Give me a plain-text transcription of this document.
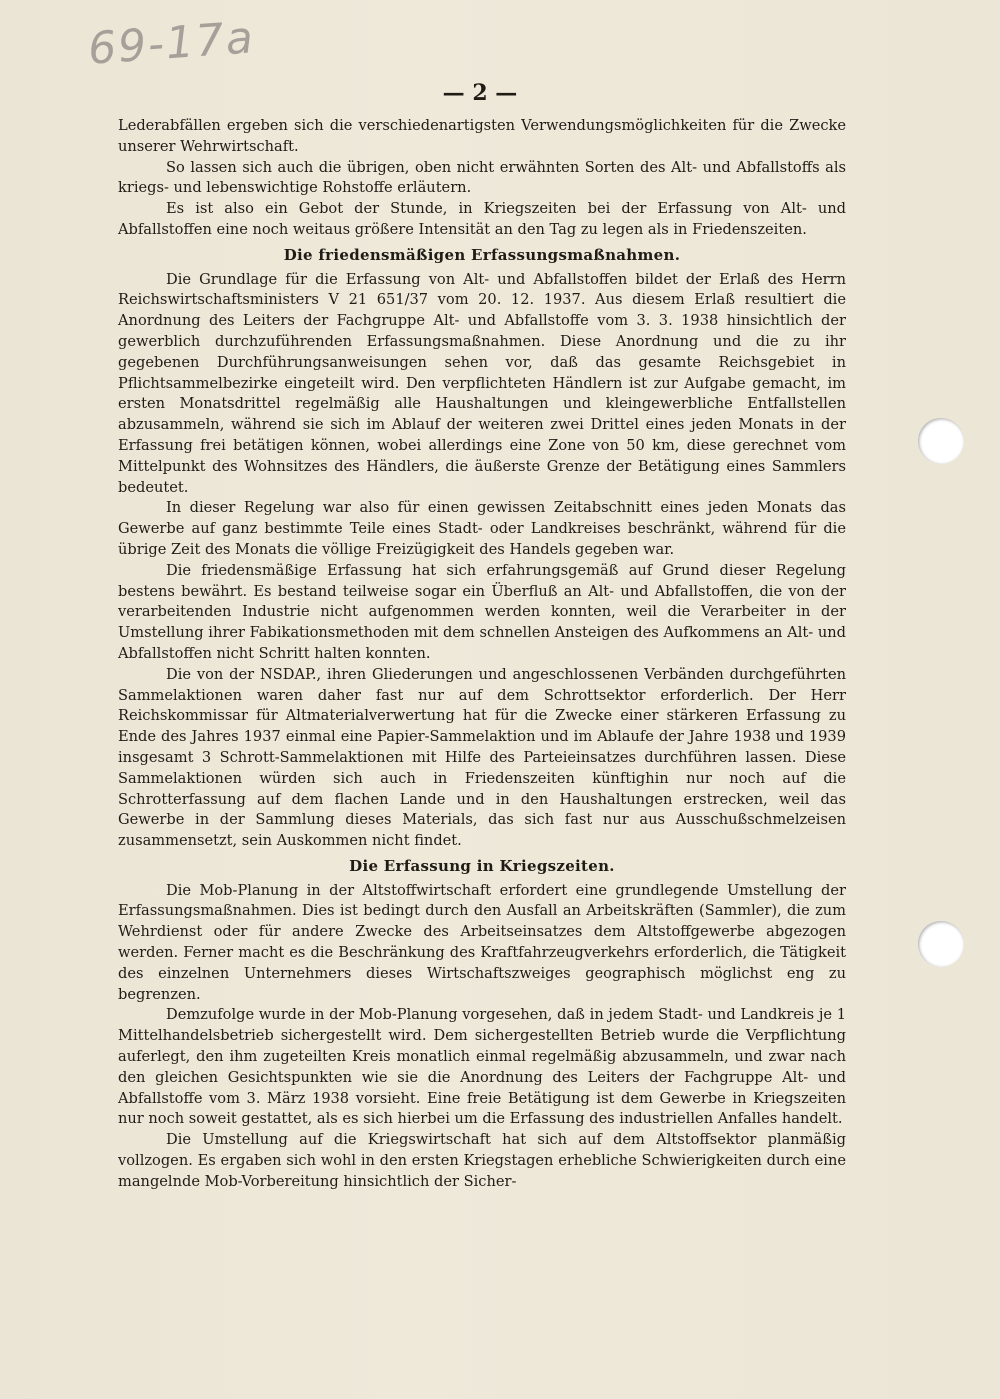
69-17a
— 2 —

Lederabfällen ergeben sich die verschiedenartigsten Verwendungsmöglichkeiten für die Zwecke unserer Wehrwirtschaft.

So lassen sich auch die übrigen, oben nicht erwähnten Sorten des Alt- und Abfallstoffs als kriegs- und lebenswichtige Rohstoffe erläutern.

Es ist also ein Gebot der Stunde, in Kriegszeiten bei der Erfassung von Alt- und Abfallstoffen eine noch weitaus größere Intensität an den Tag zu legen als in Friedenszeiten.

Die friedensmäßigen Erfassungsmaßnahmen.

Die Grundlage für die Erfassung von Alt- und Abfallstoffen bildet der Erlaß des Herrn Reichswirtschaftsministers V 21 651/37 vom 20. 12. 1937. Aus diesem Erlaß resultiert die Anordnung des Leiters der Fachgruppe Alt- und Abfallstoffe vom 3. 3. 1938 hinsichtlich der gewerblich durchzuführenden Erfassungsmaßnahmen. Diese Anordnung und die zu ihr gegebenen Durchführungsanweisungen sehen vor, daß das gesamte Reichsgebiet in Pflichtsammelbezirke eingeteilt wird. Den verpflichteten Händlern ist zur Aufgabe gemacht, im ersten Monatsdrittel regelmäßig alle Haushaltungen und kleingewerbliche Entfallstellen abzusammeln, während sie sich im Ablauf der weiteren zwei Drittel eines jeden Monats in der Erfassung frei betätigen können, wobei allerdings eine Zone von 50 km, diese gerechnet vom Mittelpunkt des Wohnsitzes des Händlers, die äußerste Grenze der Betätigung eines Sammlers bedeutet.

In dieser Regelung war also für einen gewissen Zeitabschnitt eines jeden Monats das Gewerbe auf ganz bestimmte Teile eines Stadt- oder Landkreises beschränkt, während für die übrige Zeit des Monats die völlige Freizügigkeit des Handels gegeben war.

Die friedensmäßige Erfassung hat sich erfahrungsgemäß auf Grund dieser Regelung bestens bewährt. Es bestand teilweise sogar ein Überfluß an Alt- und Abfallstoffen, die von der verarbeitenden Industrie nicht aufgenommen werden konnten, weil die Verarbeiter in der Umstellung ihrer Fabikationsmethoden mit dem schnellen Ansteigen des Aufkommens an Alt- und Abfallstoffen nicht Schritt halten konnten.

Die von der NSDAP., ihren Gliederungen und angeschlossenen Verbänden durchgeführten Sammelaktionen waren daher fast nur auf dem Schrottsektor erforderlich. Der Herr Reichskommissar für Altmaterialverwertung hat für die Zwecke einer stärkeren Erfassung zu Ende des Jahres 1937 einmal eine Papier-Sammelaktion und im Ablaufe der Jahre 1938 und 1939 insgesamt 3 Schrott-Sammelaktionen mit Hilfe des Parteieinsatzes durchführen lassen. Diese Sammelaktionen würden sich auch in Friedenszeiten künftighin nur noch auf die Schrotterfassung auf dem flachen Lande und in den Haushaltungen erstrecken, weil das Gewerbe in der Sammlung dieses Materials, das sich fast nur aus Ausschußschmelzeisen zusammensetzt, sein Auskommen nicht findet.

Die Erfassung in Kriegszeiten.

Die Mob-Planung in der Altstoffwirtschaft erfordert eine grundlegende Umstellung der Erfassungsmaßnahmen. Dies ist bedingt durch den Ausfall an Arbeitskräften (Sammler), die zum Wehrdienst oder für andere Zwecke des Arbeitseinsatzes dem Altstoffgewerbe abgezogen werden. Ferner macht es die Beschränkung des Kraftfahrzeugverkehrs erforderlich, die Tätigkeit des einzelnen Unternehmers dieses Wirtschaftszweiges geographisch möglichst eng zu begrenzen.

Demzufolge wurde in der Mob-Planung vorgesehen, daß in jedem Stadt- und Landkreis je 1 Mittelhandelsbetrieb sichergestellt wird. Dem sichergestellten Betrieb wurde die Verpflichtung auferlegt, den ihm zugeteilten Kreis monatlich einmal regelmäßig abzusammeln, und zwar nach den gleichen Gesichtspunkten wie sie die Anordnung des Leiters der Fachgruppe Alt- und Abfallstoffe vom 3. März 1938 vorsieht. Eine freie Betätigung ist dem Gewerbe in Kriegszeiten nur noch soweit gestattet, als es sich hierbei um die Erfassung des industriellen Anfalles handelt.

Die Umstellung auf die Kriegswirtschaft hat sich auf dem Altstoffsektor planmäßig vollzogen. Es ergaben sich wohl in den ersten Kriegstagen erhebliche Schwierigkeiten durch eine mangelnde Mob-Vorbereitung hinsichtlich der Sicher-
